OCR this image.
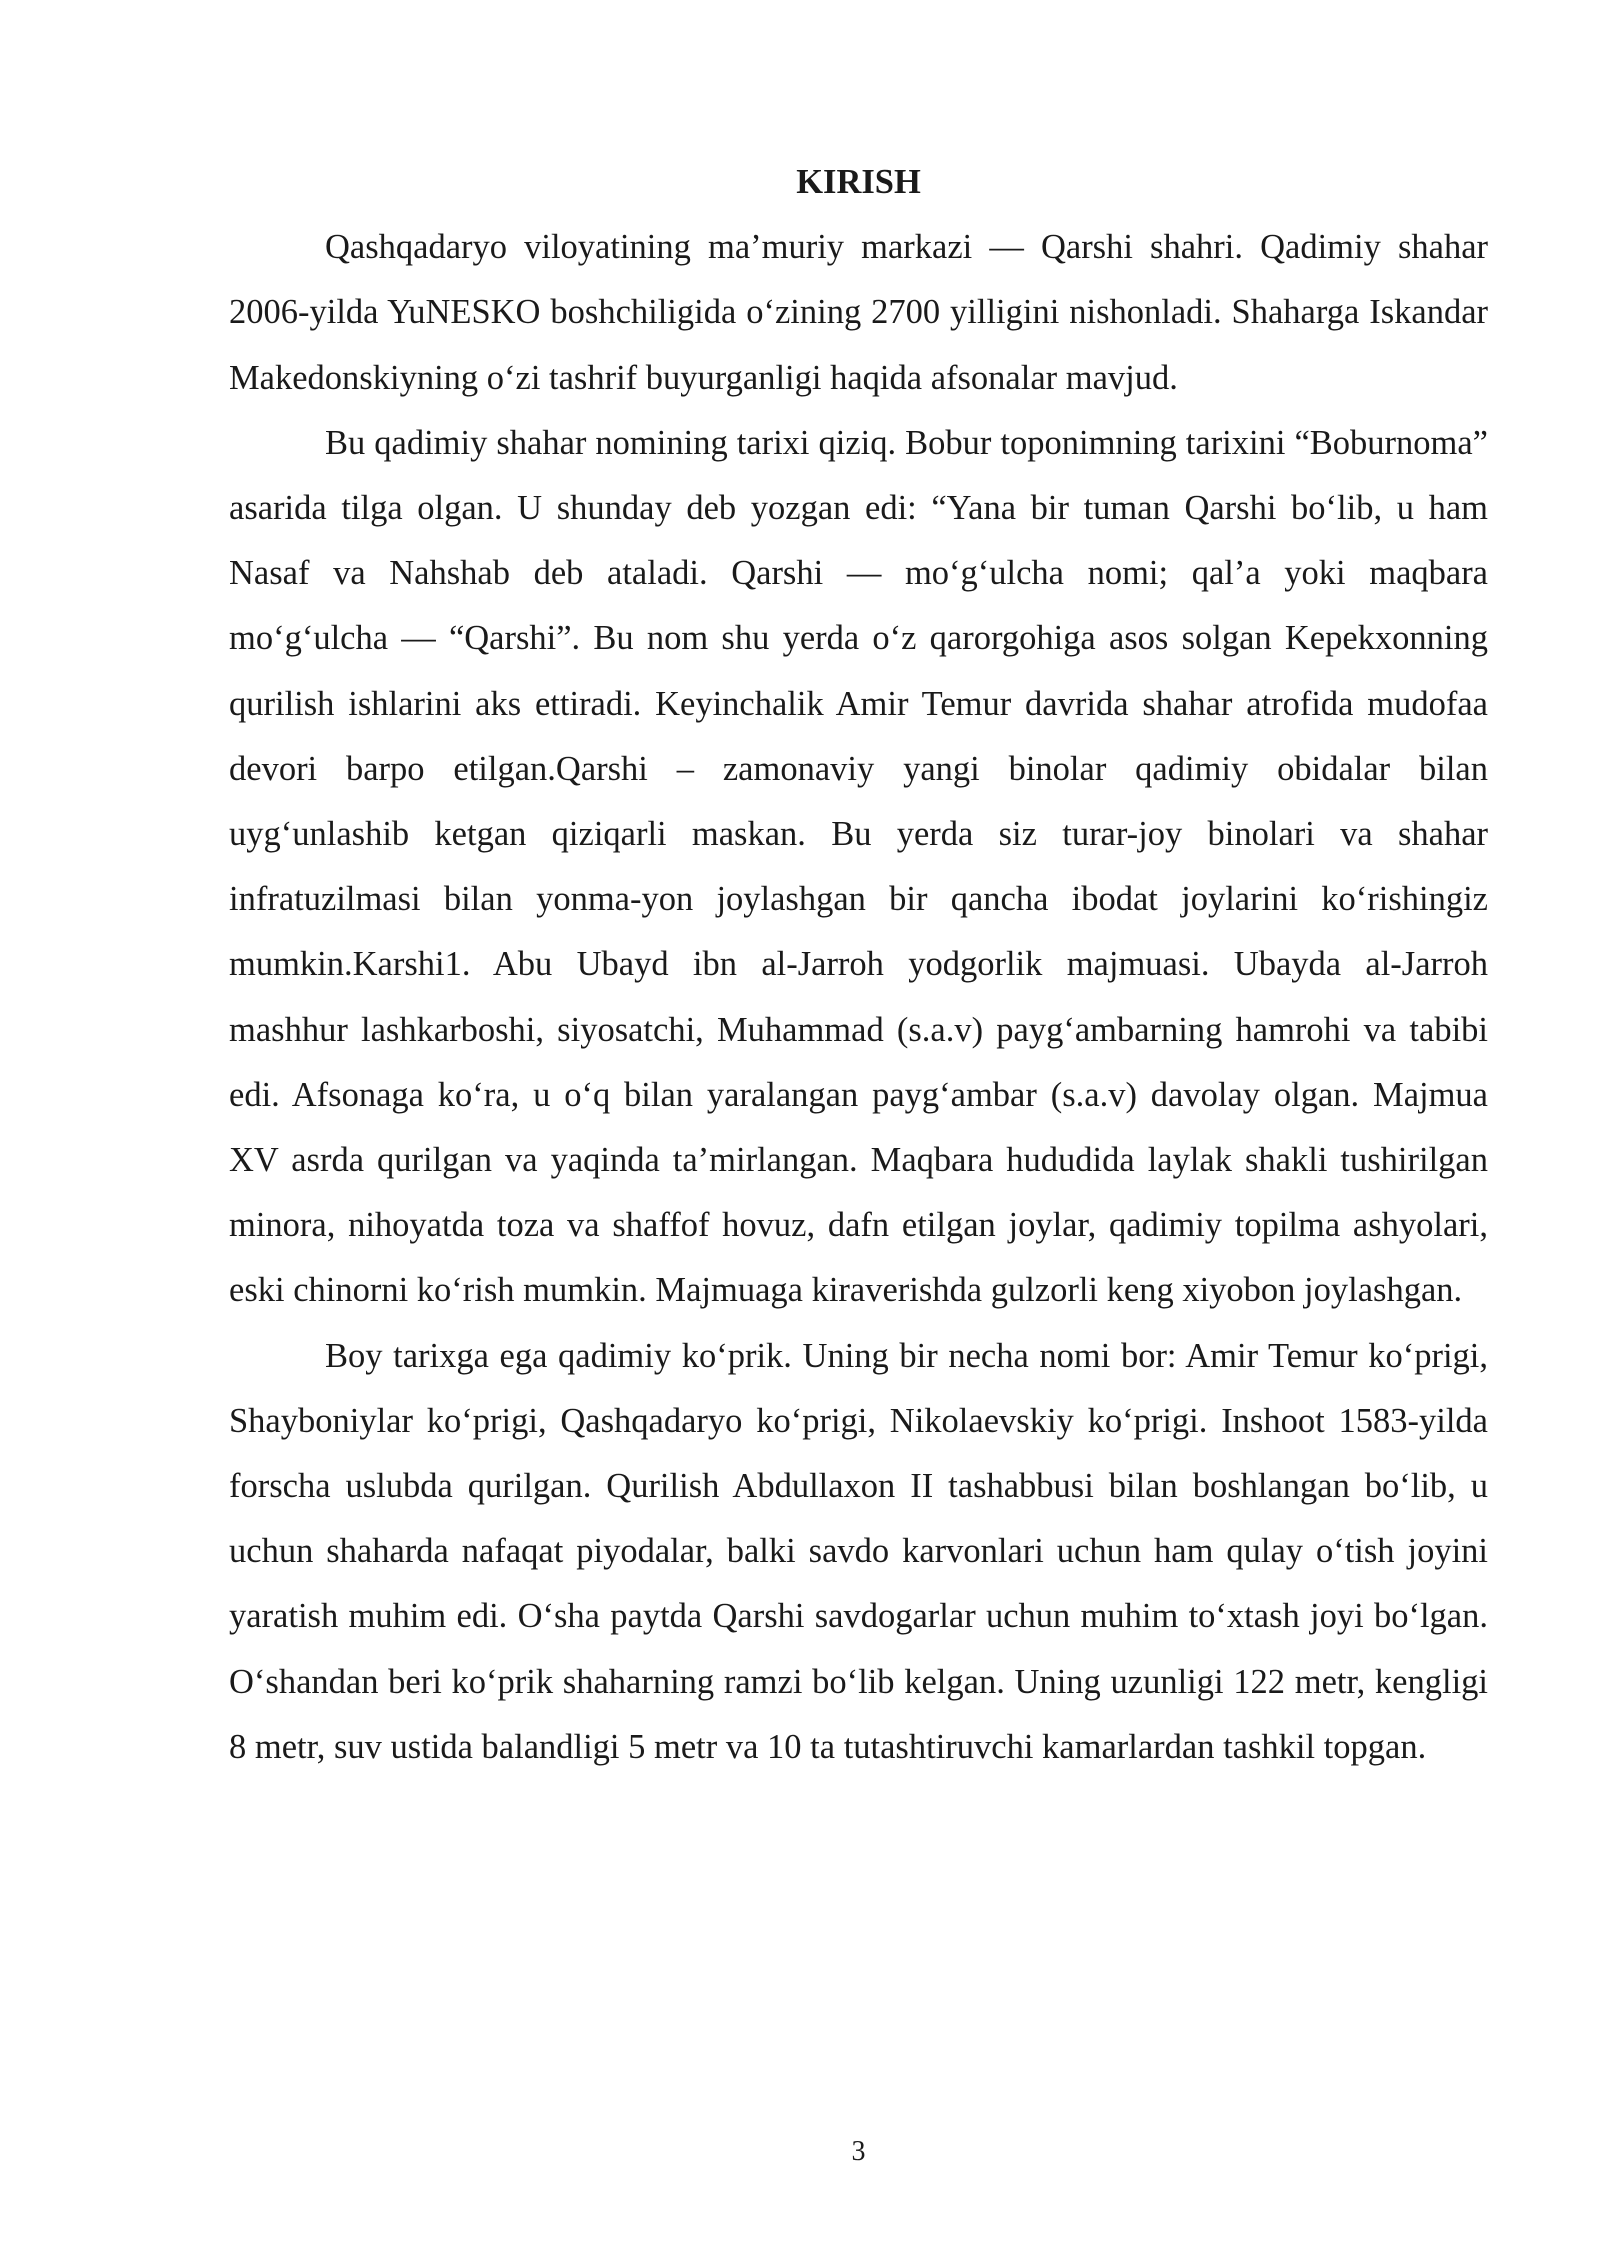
KIRISH

Qashqadaryo viloyatining ma’muriy markazi — Qarshi shahri. Qadimiy shahar 2006-yilda YuNESKO boshchiligida oʻzining 2700 yilligini nishonladi. Shaharga Iskandar Makedonskiyning oʻzi tashrif buyurganligi haqida afsonalar mavjud.

Bu qadimiy shahar nomining tarixi qiziq. Bobur toponimning tarixini “Boburnoma” asarida tilga olgan. U shunday deb yozgan edi: “Yana bir tuman Qarshi boʻlib, u ham Nasaf va Nahshab deb ataladi. Qarshi — moʻgʻulcha nomi; qal’a yoki maqbara moʻgʻulcha — “Qarshi”. Bu nom shu yerda oʻz qarorgohiga asos solgan Kepekxonning qurilish ishlarini aks ettiradi. Keyinchalik Amir Temur davrida shahar atrofida mudofaa devori barpo etilgan.Qarshi – zamonaviy yangi binolar qadimiy obidalar bilan uygʻunlashib ketgan qiziqarli maskan. Bu yerda siz turar-joy binolari va shahar infratuzilmasi bilan yonma-yon joylashgan bir qancha ibodat joylarini koʻrishingiz mumkin.Karshi1. Abu Ubayd ibn al-Jarroh yodgorlik majmuasi. Ubayda al-Jarroh mashhur lashkarboshi, siyosatchi, Muhammad (s.a.v) paygʻambarning hamrohi va tabibi edi. Afsonaga koʻra, u oʻq bilan yaralangan paygʻambar (s.a.v) davolay olgan. Majmua XV asrda qurilgan va yaqinda ta’mirlangan. Maqbara hududida laylak shakli tushirilgan minora, nihoyatda toza va shaffof hovuz, dafn etilgan joylar, qadimiy topilma ashyolari, eski chinorni koʻrish mumkin. Majmuaga kiraverishda gulzorli keng xiyobon joylashgan.

Boy tarixga ega qadimiy koʻprik. Uning bir necha nomi bor: Amir Temur koʻprigi, Shayboniylar koʻprigi, Qashqadaryo koʻprigi, Nikolaevskiy koʻprigi. Inshoot 1583-yilda forscha uslubda qurilgan. Qurilish Abdullaxon II tashabbusi bilan boshlangan boʻlib, u uchun shaharda nafaqat piyodalar, balki savdo karvonlari uchun ham qulay oʻtish joyini yaratish muhim edi. Oʻsha paytda Qarshi savdogarlar uchun muhim toʻxtash joyi boʻlgan. Oʻshandan beri koʻprik shaharning ramzi boʻlib kelgan. Uning uzunligi 122 metr, kengligi 8 metr, suv ustida balandligi 5 metr va 10 ta tutashtiruvchi kamarlardan tashkil topgan.

3
